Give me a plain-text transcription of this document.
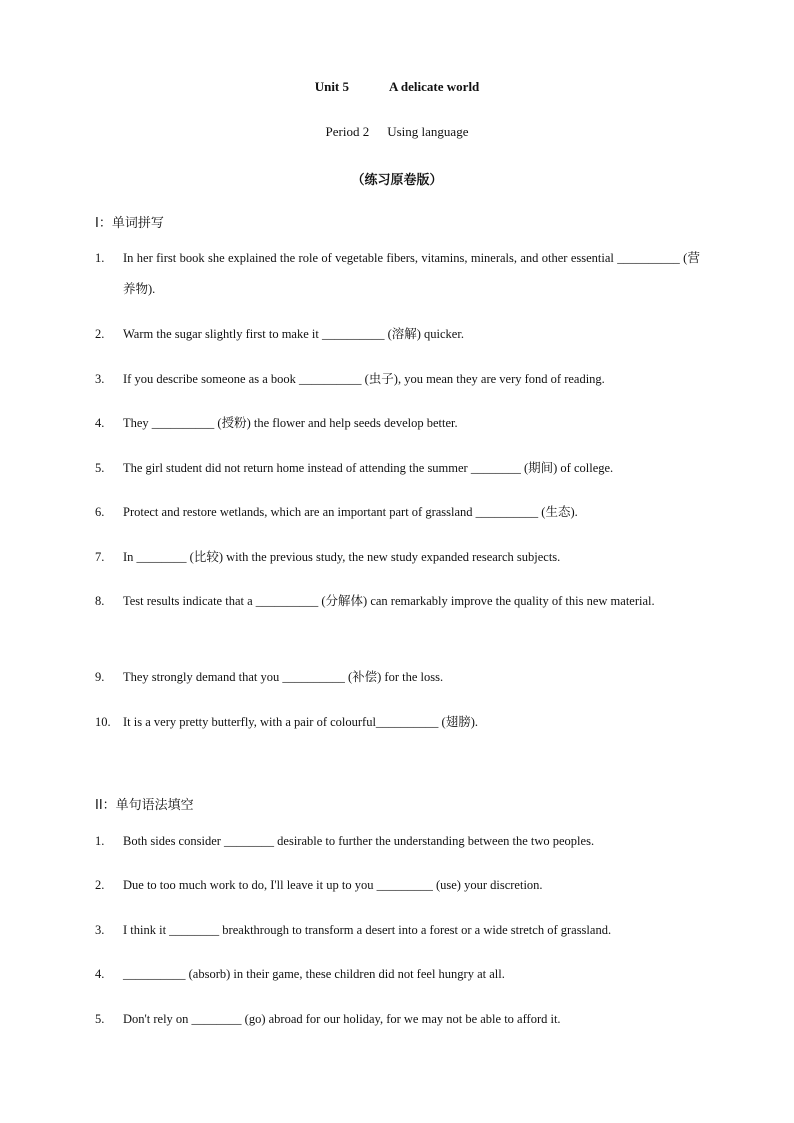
Unit 5	A delicate world
Period 2 Using language
（练习原卷版）
I：单词拼写
1.	In her first book she explained the role of vegetable fibers, vitamins, minerals, and other essential __________ (营养物).
2.	Warm the sugar slightly first to make it __________ (溶解) quicker.
3.	If you describe someone as a book __________ (虫子), you mean they are very fond of reading.
4.	They __________ (授粉) the flower and help seeds develop better.
5.	The girl student did not return home instead of attending the summer ________ (期间) of college.
6.	Protect and restore wetlands, which are an important part of grassland __________ (生态).
7.	In ________ (比较) with the previous study, the new study expanded research subjects.
8.	Test results indicate that a __________ (分解体) can remarkably improve the quality of this new material.
9.	They strongly demand that you __________ (补偿) for the loss.
10. It is a very pretty butterfly, with a pair of colourful__________ (翅膀).
II：单句语法填空
1.	Both sides consider ________ desirable to further the understanding between the two peoples.
2.	Due to too much work to do, I'll leave it up to you _________ (use) your discretion.
3.	I think it ________ breakthrough to transform a desert into a forest or a wide stretch of grassland.
4.	__________ (absorb) in their game, these children did not feel hungry at all.
5.	Don't rely on ________ (go) abroad for our holiday, for we may not be able to afford it.
